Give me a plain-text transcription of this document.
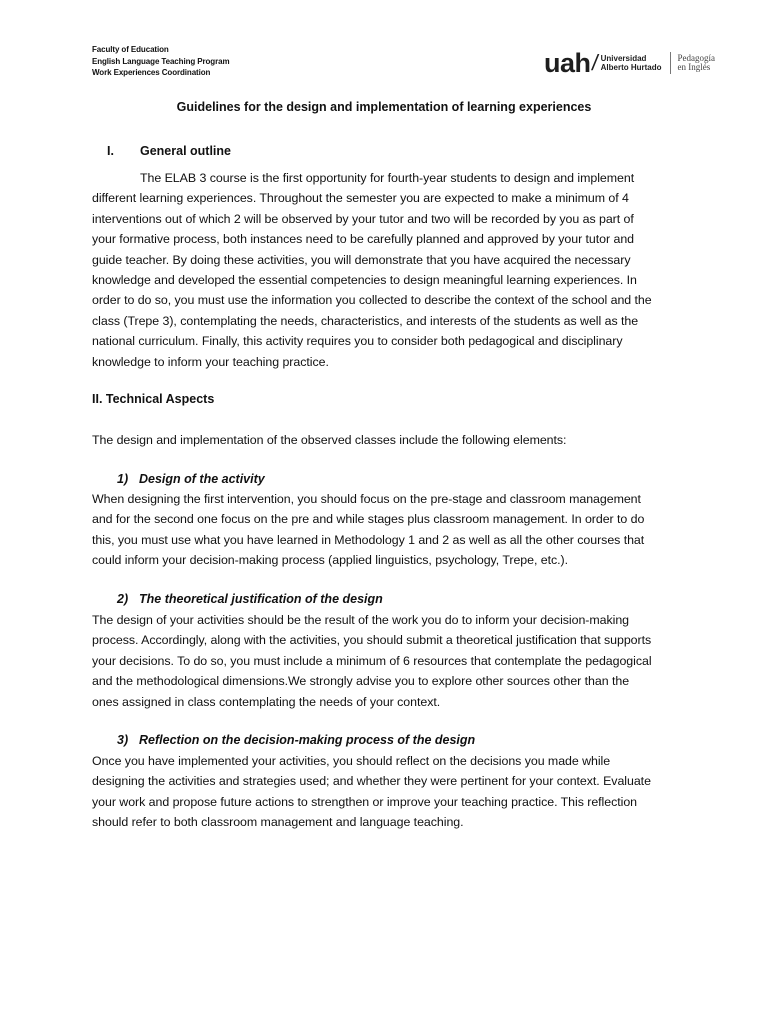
Faculty of Education
English Language Teaching Program
Work Experiences Coordination	uah / Universidad
Alberto Hurtado
Pedagogía
en Inglés
Guidelines for the design and implementation of learning experiences
I. General outline
The ELAB 3 course is the first opportunity for fourth-year students to design and implement
different learning experiences. Throughout the semester you are expected to make a minimum of 4
interventions out of which 2 will be observed by your tutor and two will be recorded by you as part of
your formative process, both instances need to be carefully planned and approved by your tutor and
guide teacher. By doing these activities, you will demonstrate that you have acquired the necessary
knowledge and developed the essential competencies to design meaningful learning experiences. In
order to do so, you must use the information you collected to describe the context of the school and the
class (Trepe 3), contemplating the needs, characteristics, and interests of the students as well as the
national curriculum. Finally, this activity requires you to consider both pedagogical and disciplinary
knowledge to inform your teaching practice.
II. Technical Aspects
The design and implementation of the observed classes include the following elements:
1) Design of the activity
When designing the first intervention, you should focus on the pre-stage and classroom management
and for the second one focus on the pre and while stages plus classroom management. In order to do
this, you must use what you have learned in Methodology 1 and 2 as well as all the other courses that
could inform your decision-making process (applied linguistics, psychology, Trepe, etc.).
2) The theoretical justification of the design
The design of your activities should be the result of the work you do to inform your decision-making
process. Accordingly, along with the activities, you should submit a theoretical justification that supports
your decisions. To do so, you must include a minimum of 6 resources that contemplate the pedagogical
and the methodological dimensions.We strongly advise you to explore other sources other than the
ones assigned in class contemplating the needs of your context.
3) Reflection on the decision-making process of the design
Once you have implemented your activities, you should reflect on the decisions you made while
designing the activities and strategies used; and whether they were pertinent for your context. Evaluate
your work and propose future actions to strengthen or improve your teaching practice. This reflection
should refer to both classroom management and language teaching.
